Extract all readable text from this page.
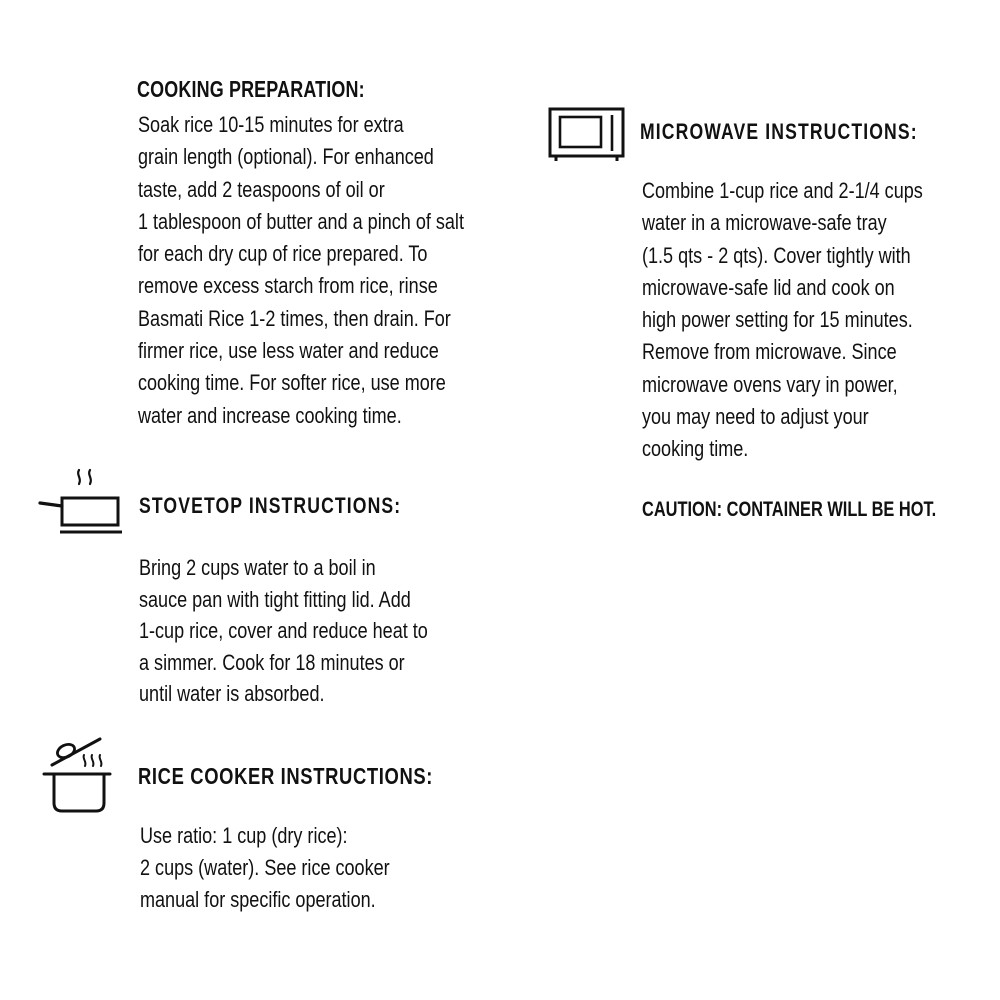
COOKING PREPARATION:
Soak rice 10-15 minutes for extra
grain length (optional). For enhanced
taste, add 2 teaspoons of oil or
1 tablespoon of butter and a pinch of salt
for each dry cup of rice prepared. To
remove excess starch from rice, rinse
Basmati Rice 1-2 times, then drain. For
firmer rice, use less water and reduce
cooking time. For softer rice, use more
water and increase cooking time.
STOVETOP INSTRUCTIONS:
Bring 2 cups water to a boil in
sauce pan with tight fitting lid. Add
1-cup rice, cover and reduce heat to
a simmer. Cook for 18 minutes or
until water is absorbed.
RICE COOKER INSTRUCTIONS:
Use ratio: 1 cup (dry rice):
2 cups (water). See rice cooker
manual for specific operation.
MICROWAVE INSTRUCTIONS:
Combine 1-cup rice and 2-1/4 cups
water in a microwave-safe tray
(1.5 qts - 2 qts). Cover tightly with
microwave-safe lid and cook on
high power setting for 15 minutes.
Remove from microwave. Since
microwave ovens vary in power,
you may need to adjust your
cooking time.

CAUTION: CONTAINER WILL BE HOT.
